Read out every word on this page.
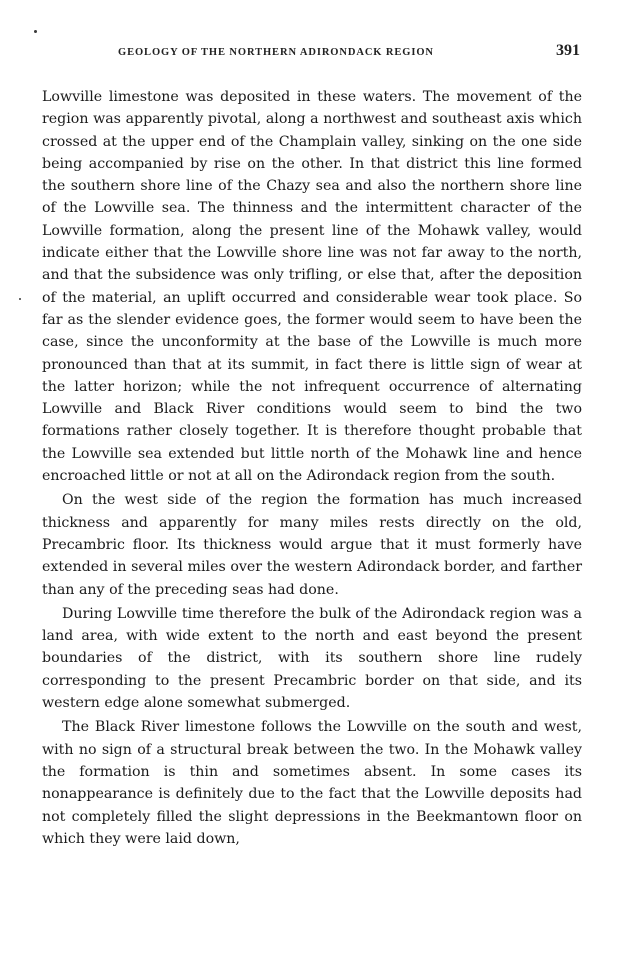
GEOLOGY OF THE NORTHERN ADIRONDACK REGION	391

Lowville limestone was deposited in these waters. The movement of the region was apparently pivotal, along a northwest and southeast axis which crossed at the upper end of the Champlain valley, sinking on the one side being accompanied by rise on the other. In that district this line formed the southern shore line of the Chazy sea and also the northern shore line of the Lowville sea. The thinness and the intermittent character of the Lowville formation, along the present line of the Mohawk valley, would indicate either that the Lowville shore line was not far away to the north, and that the subsidence was only trifling, or else that, after the deposition of the material, an uplift occurred and considerable wear took place. So far as the slender evidence goes, the former would seem to have been the case, since the unconformity at the base of the Lowville is much more pronounced than that at its summit, in fact there is little sign of wear at the latter horizon; while the not infrequent occurrence of alternating Lowville and Black River conditions would seem to bind the two formations rather closely together. It is therefore thought probable that the Lowville sea extended but little north of the Mohawk line and hence encroached little or not at all on the Adirondack region from the south.

On the west side of the region the formation has much increased thickness and apparently for many miles rests directly on the old, Precambric floor. Its thickness would argue that it must formerly have extended in several miles over the western Adirondack border, and farther than any of the preceding seas had done.

During Lowville time therefore the bulk of the Adirondack region was a land area, with wide extent to the north and east beyond the present boundaries of the district, with its southern shore line rudely corresponding to the present Precambric border on that side, and its western edge alone somewhat submerged.

The Black River limestone follows the Lowville on the south and west, with no sign of a structural break between the two. In the Mohawk valley the formation is thin and sometimes absent. In some cases its nonappearance is definitely due to the fact that the Lowville deposits had not completely filled the slight depressions in the Beekmantown floor on which they were laid down,
